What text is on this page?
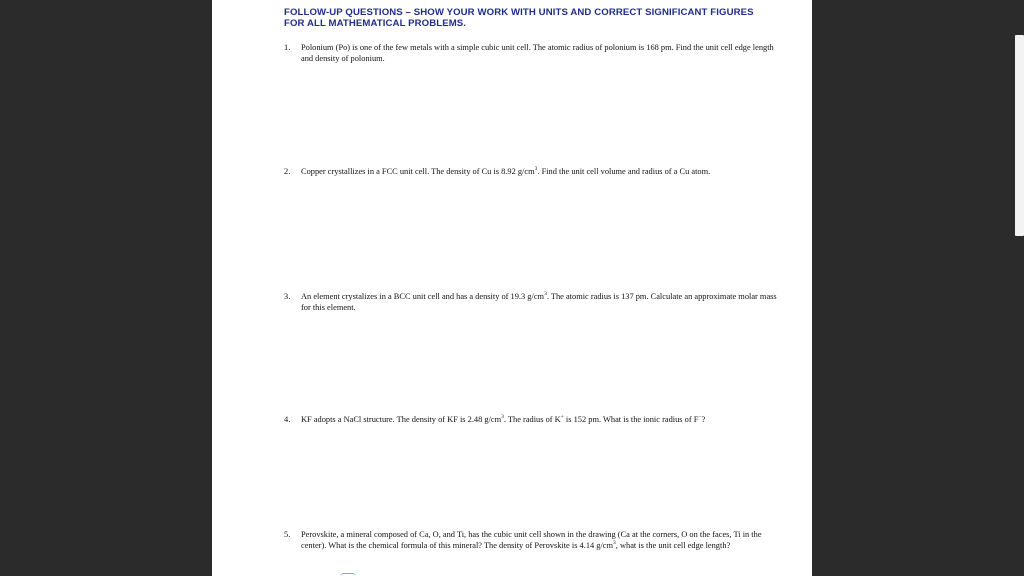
FOLLOW-UP QUESTIONS – SHOW YOUR WORK WITH UNITS AND CORRECT SIGNIFICANT FIGURES
FOR ALL MATHEMATICAL PROBLEMS.
1.	Polonium (Po) is one of the few metals with a simple cubic unit cell. The atomic radius of polonium is 168 pm. Find the unit cell edge length and density of polonium.
2.	Copper crystallizes in a FCC unit cell. The density of Cu is 8.92 $g/cm^3$. Find the unit cell volume and radius of a Cu atom.
3.	An element crystalizes in a BCC unit cell and has a density of 19.3 $g/cm^3$. The atomic radius is 137 pm. Calculate an approximate molar mass for this element.
4.	KF adopts a NaCl structure. The density of KF is 2.48 $g/cm^3$. The radius of K+ is 152 pm. What is the ionic radius of F−?
5.	Perovskite, a mineral composed of Ca, O, and Ti, has the cubic unit cell shown in the drawing (Ca at the corners, O on the faces, Ti in the center). What is the chemical formula of this mineral? The density of Perovskite is 4.14 $g/cm^3$, what is the unit cell edge length?
